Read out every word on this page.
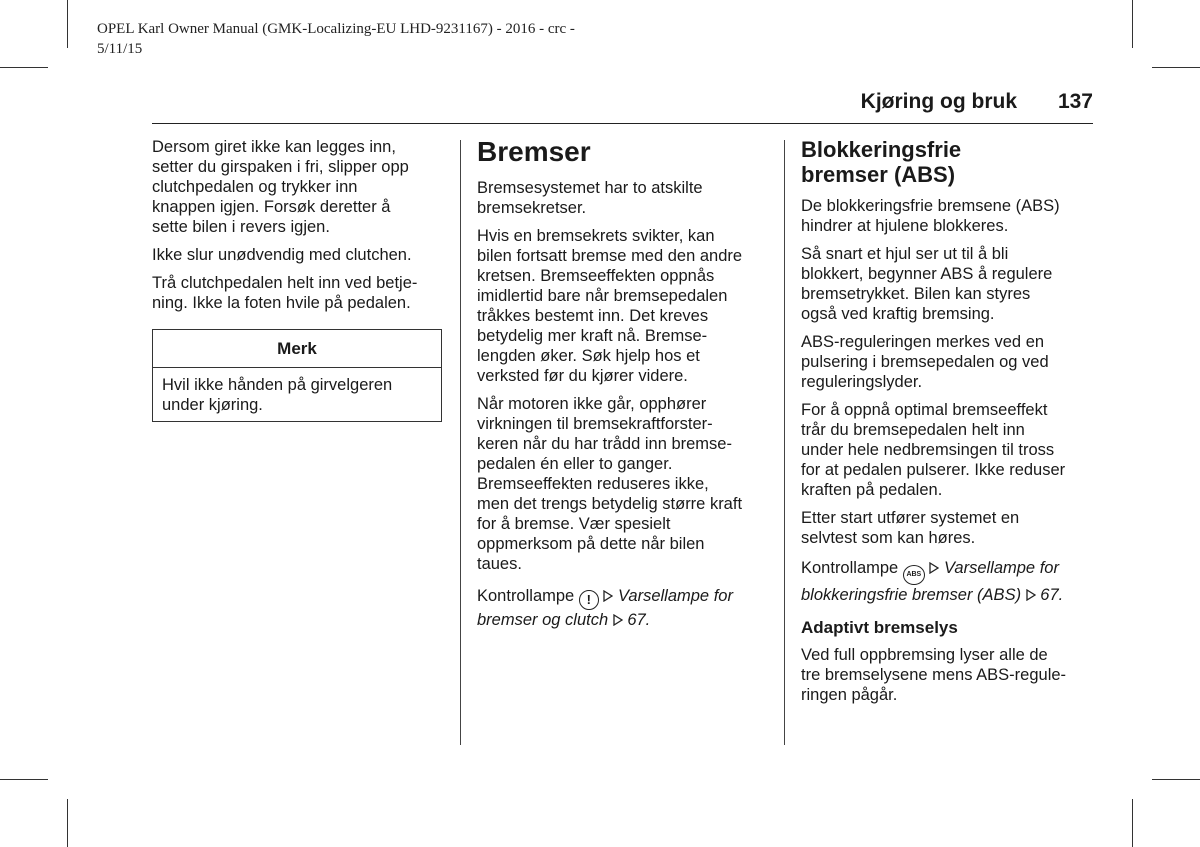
OPEL Karl Owner Manual (GMK-Localizing-EU LHD-9231167) - 2016 - crc -
5/11/15
Kjøring og bruk 137

Dersom giret ikke kan legges inn,
setter du girspaken i fri, slipper opp
clutchpedalen og trykker inn
knappen igjen. Forsøk deretter å
sette bilen i revers igjen.

Ikke slur unødvendig med clutchen.

Trå clutchpedalen helt inn ved betje-
ning. Ikke la foten hvile på pedalen.

Merk
Hvil ikke hånden på girvelgeren
under kjøring.
Bremser

Bremsesystemet har to atskilte
bremsekretser.

Hvis en bremsekrets svikter, kan
bilen fortsatt bremse med den andre
kretsen. Bremseeffekten oppnås
imidlertid bare når bremsepedalen
tråkkes bestemt inn. Det kreves
betydelig mer kraft nå. Bremse-
lengden øker. Søk hjelp hos et
verksted før du kjører videre.

Når motoren ikke går, opphører
virkningen til bremsekraftforster-
keren når du har trådd inn bremse-
pedalen én eller to ganger.
Bremseeffekten reduseres ikke,
men det trengs betydelig større kraft
for å bremse. Vær spesielt
oppmerksom på dette når bilen
taues.

Kontrollampe ! Varsellampe for
bremser og clutch 67.

Blokkeringsfrie
bremser (ABS)

De blokkeringsfrie bremsene (ABS)
hindrer at hjulene blokkeres.

Så snart et hjul ser ut til å bli
blokkert, begynner ABS å regulere
bremsetrykket. Bilen kan styres
også ved kraftig bremsing.

ABS-reguleringen merkes ved en
pulsering i bremsepedalen og ved
reguleringslyder.

For å oppnå optimal bremseeffekt
trår du bremsepedalen helt inn
under hele nedbremsingen til tross
for at pedalen pulserer. Ikke reduser
kraften på pedalen.

Etter start utfører systemet en
selvtest som kan høres.

Kontrollampe ABS Varsellampe for
blokkeringsfrie bremser (ABS) 67.

Adaptivt bremselys

Ved full oppbremsing lyser alle de
tre bremselysene mens ABS-regule-
ringen pågår.
